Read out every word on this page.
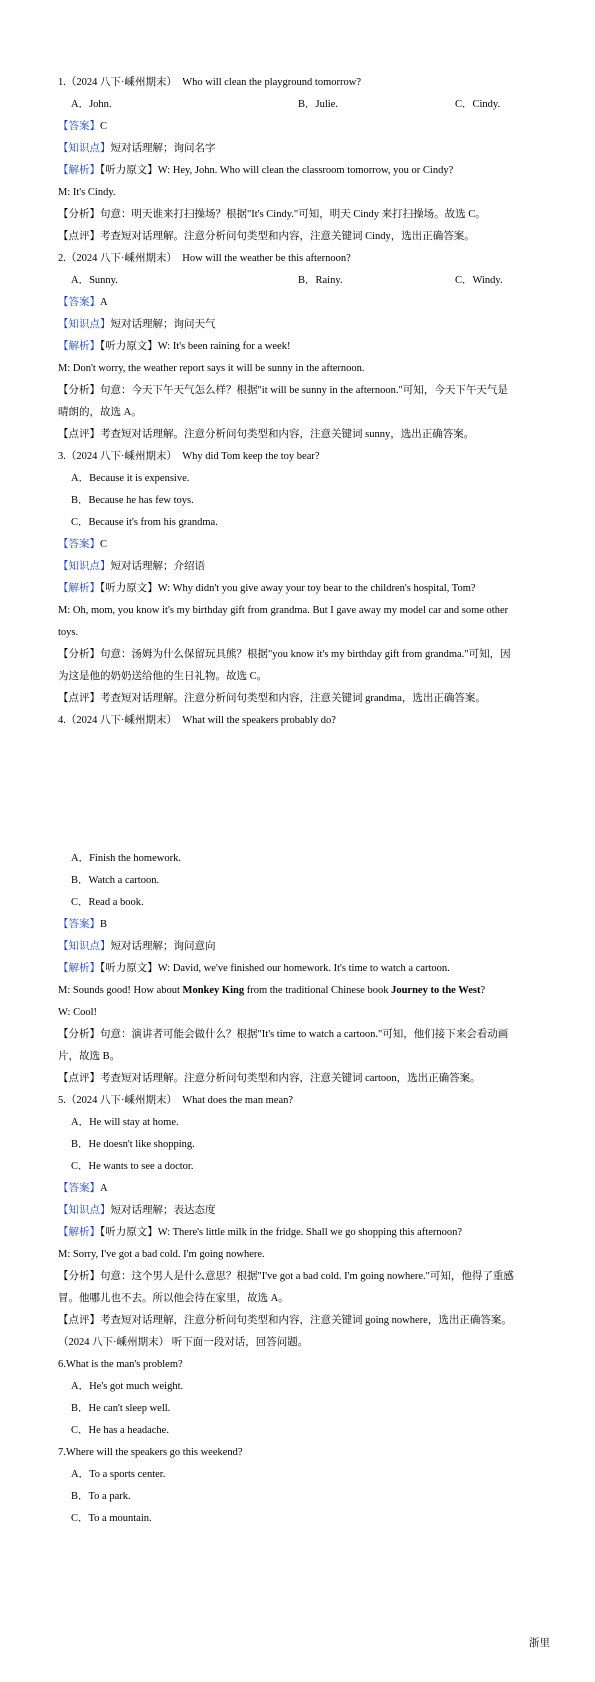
1.（2024 八下·嵊州期末） Who will clean the playground tomorrow?
A．John.	B．Julie.	C．Cindy.
【答案】C
【知识点】短对话理解；询问名字
【解析】【听力原文】W: Hey, John. Who will clean the classroom tomorrow, you or Cindy?
M: It's Cindy.
【分析】句意：明天谁来打扫操场？根据"It's Cindy."可知，明天 Cindy 来打扫操场。故选 C。
【点评】考查短对话理解。注意分析问句类型和内容，注意关键词 Cindy，选出正确答案。
2.（2024 八下·嵊州期末） How will the weather be this afternoon?
A．Sunny.	B．Rainy.	C．Windy.
【答案】A
【知识点】短对话理解；询问天气
【解析】【听力原文】W: It's been raining for a week!
M: Don't worry, the weather report says it will be sunny in the afternoon.
【分析】句意：今天下午天气怎么样？根据"it will be sunny in the afternoon."可知，今天下午天气是
晴朗的，故选 A。
【点评】考查短对话理解。注意分析问句类型和内容，注意关键词 sunny，选出正确答案。
3.（2024 八下·嵊州期末） Why did Tom keep the toy bear?
A．Because it is expensive.
B．Because he has few toys.
C．Because it's from his grandma.
【答案】C
【知识点】短对话理解；介绍语
【解析】【听力原文】W: Why didn't you give away your toy bear to the children's hospital, Tom?
M: Oh, mom, you know it's my birthday gift from grandma. But I gave away my model car and some other
toys.
【分析】句意：汤姆为什么保留玩具熊？根据"you know it's my birthday gift from grandma."可知，因
为这是他的奶奶送给他的生日礼物。故选 C。
【点评】考查短对话理解。注意分析问句类型和内容，注意关键词 grandma，选出正确答案。
4.（2024 八下·嵊州期末） What will the speakers probably do?
A．Finish the homework.
B．Watch a cartoon.
C．Read a book.
【答案】B
【知识点】短对话理解；询问意向
【解析】【听力原文】W: David, we've finished our homework. It's time to watch a cartoon.
M: Sounds good! How about Monkey King from the traditional Chinese book Journey to the West?
W: Cool!
【分析】句意：演讲者可能会做什么？根据"It's time to watch a cartoon."可知，他们接下来会看动画
片，故选 B。
【点评】考查短对话理解。注意分析问句类型和内容，注意关键词 cartoon，选出正确答案。
5.（2024 八下·嵊州期末） What does the man mean?
A．He will stay at home.
B．He doesn't like shopping.
C．He wants to see a doctor.
【答案】A
【知识点】短对话理解；表达态度
【解析】【听力原文】W: There's little milk in the fridge. Shall we go shopping this afternoon?
M: Sorry, I've got a bad cold. I'm going nowhere.
【分析】句意：这个男人是什么意思？根据"I've got a bad cold. I'm going nowhere."可知，他得了重感
冒。他哪儿也不去。所以他会待在家里，故选 A。
【点评】考查短对话理解，注意分析问句类型和内容，注意关键词 going nowhere，选出正确答案。
（2024 八下·嵊州期末） 听下面一段对话，回答问题。
6.What is the man's problem?
A．He's got much weight.
B．He can't sleep well.
C．He has a headache.
7.Where will the speakers go this weekend?
A．To a sports center.
B．To a park.
C．To a mountain.
浙里
